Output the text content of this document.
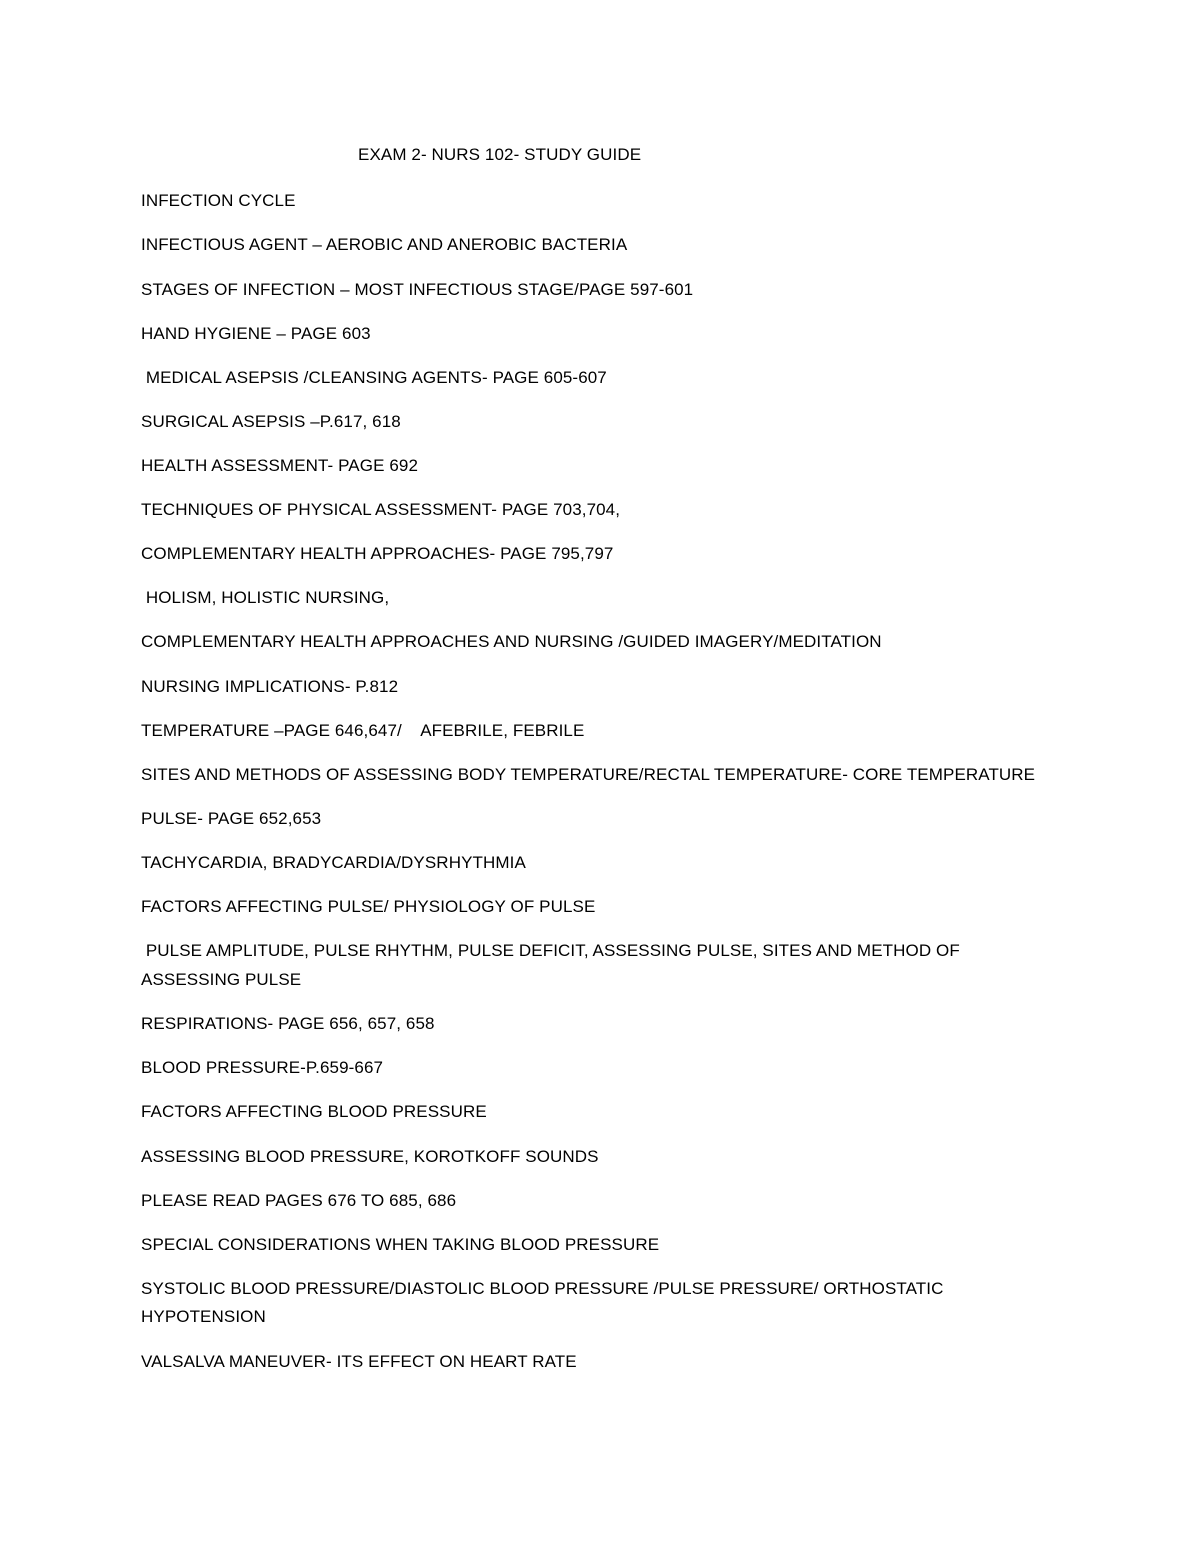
EXAM 2- NURS 102- STUDY GUIDE
INFECTION CYCLE
INFECTIOUS AGENT – AEROBIC AND ANEROBIC BACTERIA
STAGES OF INFECTION – MOST INFECTIOUS STAGE/PAGE 597-601
HAND HYGIENE – PAGE 603
MEDICAL ASEPSIS /CLEANSING AGENTS- PAGE 605-607
SURGICAL ASEPSIS –P.617, 618
HEALTH ASSESSMENT- PAGE 692
TECHNIQUES OF PHYSICAL ASSESSMENT- PAGE 703,704,
COMPLEMENTARY HEALTH APPROACHES- PAGE 795,797
HOLISM, HOLISTIC NURSING,
COMPLEMENTARY HEALTH APPROACHES AND NURSING /GUIDED IMAGERY/MEDITATION
NURSING IMPLICATIONS- P.812
TEMPERATURE –PAGE 646,647/    AFEBRILE, FEBRILE
SITES AND METHODS OF ASSESSING BODY TEMPERATURE/RECTAL TEMPERATURE- CORE TEMPERATURE
PULSE- PAGE 652,653
TACHYCARDIA, BRADYCARDIA/DYSRHYTHMIA
FACTORS AFFECTING PULSE/ PHYSIOLOGY OF PULSE
PULSE AMPLITUDE, PULSE RHYTHM, PULSE DEFICIT, ASSESSING PULSE, SITES AND METHOD OF
ASSESSING PULSE
RESPIRATIONS- PAGE 656, 657, 658
BLOOD PRESSURE-P.659-667
FACTORS AFFECTING BLOOD PRESSURE
ASSESSING BLOOD PRESSURE, KOROTKOFF SOUNDS
PLEASE READ PAGES 676 TO 685, 686
SPECIAL CONSIDERATIONS WHEN TAKING BLOOD PRESSURE
SYSTOLIC BLOOD PRESSURE/DIASTOLIC BLOOD PRESSURE /PULSE PRESSURE/ ORTHOSTATIC
HYPOTENSION
VALSALVA MANEUVER- ITS EFFECT ON HEART RATE
